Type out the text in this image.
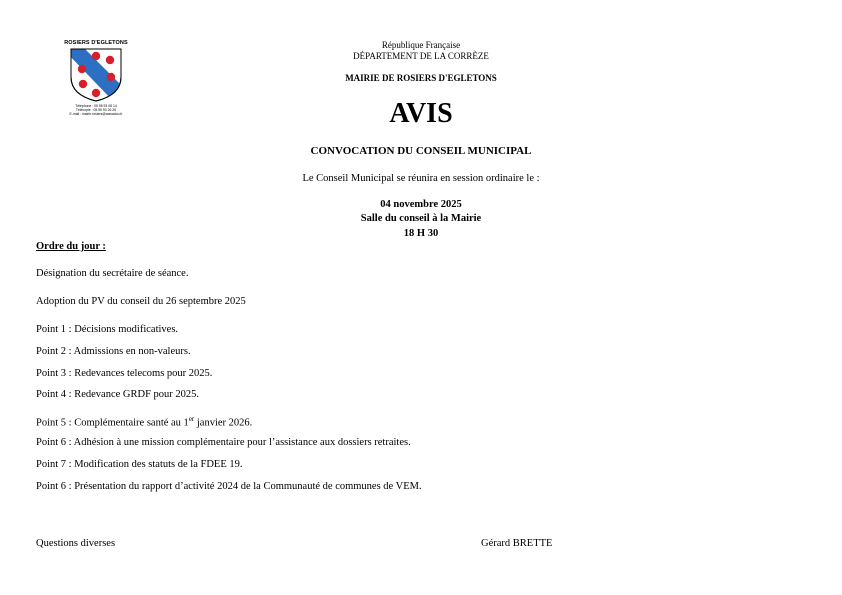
ROSIERS D'EGLETONS
Téléphone : 05 55 93 08 14
Télécopie : 05 55 93 26 26
E-mail : mairie.rosiers@wanadoo.fr
République Française
DÉPARTEMENT DE LA CORRÈZE
MAIRIE DE ROSIERS D'EGLETONS
AVIS
CONVOCATION DU CONSEIL MUNICIPAL
Le Conseil Municipal se réunira en session ordinaire le :
04 novembre 2025
Salle du conseil à la Mairie
18 H 30
Ordre du jour :
Désignation du secrétaire de séance.
Adoption du PV du conseil du 26 septembre 2025
Point 1 : Décisions modificatives.
Point 2 : Admissions en non-valeurs.
Point 3 : Redevances telecoms pour 2025.
Point 4 : Redevance GRDF pour 2025.
Point 5 : Complémentaire santé au 1er janvier 2026.
Point 6 : Adhésion à une mission complémentaire pour l’assistance aux dossiers retraites.
Point 7 : Modification des statuts de la FDEE 19.
Point 6 : Présentation du rapport d’activité 2024 de la Communauté de communes de VEM.
Questions diverses	Gérard BRETTE
